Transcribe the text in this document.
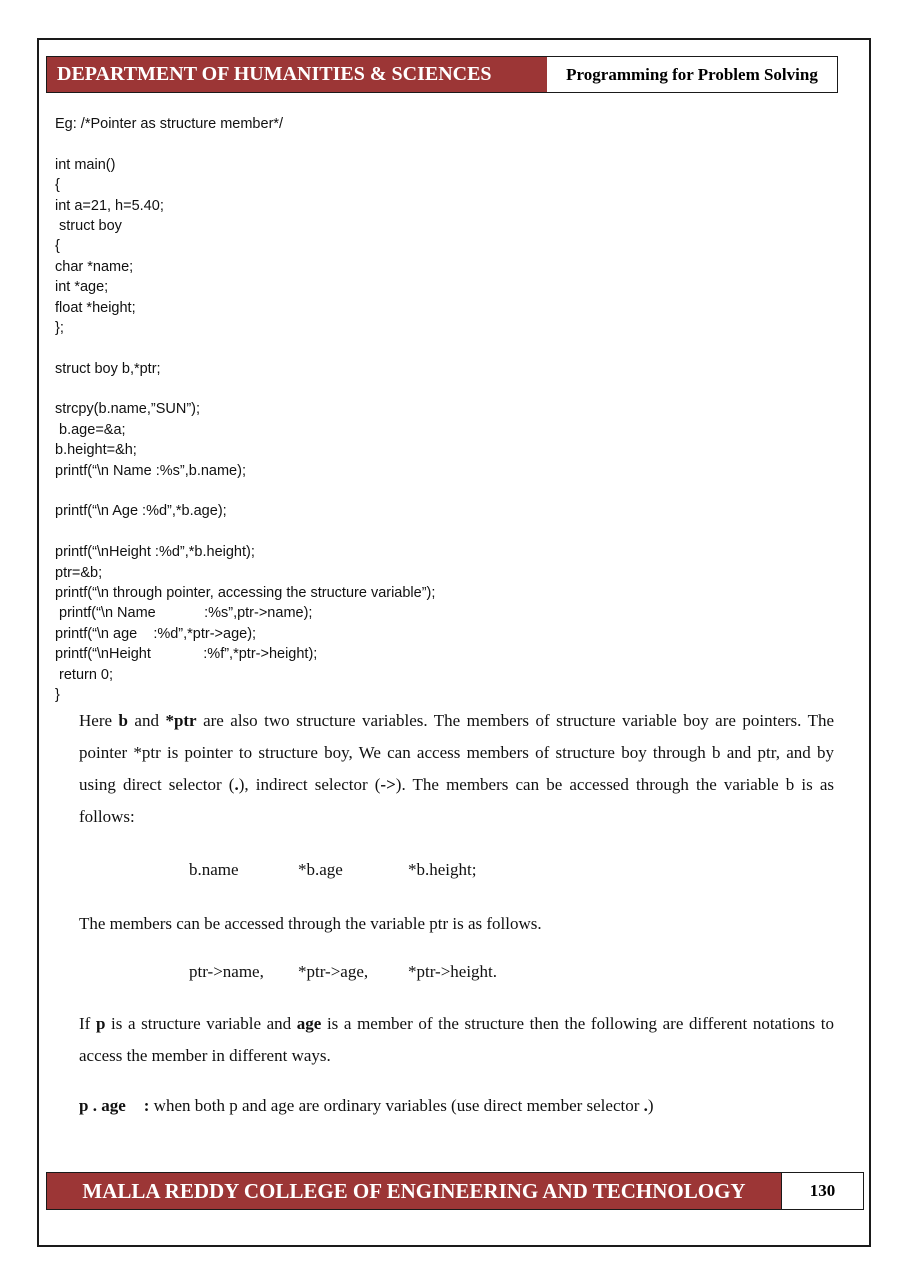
DEPARTMENT OF HUMANITIES & SCIENCES	Programming for Problem Solving
Eg: /*Pointer as structure member*/
int main()
{
int a=21, h=5.40;
struct boy
{
char *name;
int *age;
float *height;
};
struct boy b,*ptr;
strcpy(b.name,”SUN”);
b.age=&a;
b.height=&h;
printf(“\n Name :%s”,b.name);
printf(“\n Age :%d”,*b.age);
printf(“\nHeight :%d”,*b.height);
ptr=&b;
printf(“\n through pointer, accessing the structure variable”);
printf(“\n Name            :%s”,ptr->name);
printf(“\n age    :%d”,*ptr->age);
printf(“\nHeight             :%f”,*ptr->height);
return 0;
}
Here b and *ptr are also two structure variables. The members of structure variable boy are pointers. The pointer *ptr is pointer to structure boy, We can access members of structure boy through b and ptr, and by using direct selector (.), indirect selector (->). The members can be accessed through the variable b is as follows:
b.name	*b.age	*b.height;
The members can be accessed through the variable ptr is as follows.
ptr->name, *ptr->age, *ptr->height.
If p is a structure variable and age is a member of the structure then the following are different notations to access the member in different ways.
p . age : when both p and age are ordinary variables (use direct member selector .)
MALLA REDDY COLLEGE OF ENGINEERING AND TECHNOLOGY	130
